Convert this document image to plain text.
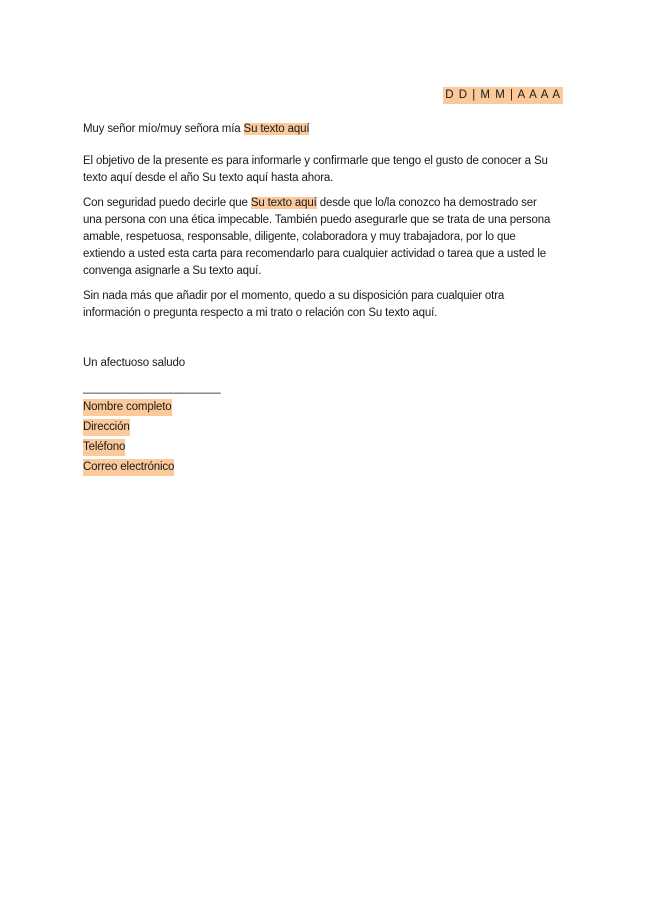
D D | M M | A A A A
Muy señor mío/muy señora mía Su texto aquí

El objetivo de la presente es para informarle y confirmarle que tengo el gusto de conocer a Su texto aquí desde el año Su texto aquí hasta ahora.

Con seguridad puedo decirle que Su texto aquí desde que lo/la conozco ha demostrado ser una persona con una ética impecable. También puedo asegurarle que se trata de una persona amable, respetuosa, responsable, diligente, colaboradora y muy trabajadora, por lo que extiendo a usted esta carta para recomendarlo para cualquier actividad o tarea que a usted le convenga asignarle a Su texto aquí.

Sin nada más que añadir por el momento, quedo a su disposición para cualquier otra información o pregunta respecto a mi trato o relación con Su texto aquí.

Un afectuoso saludo
______________________
Nombre completo
Dirección
Teléfono
Correo electrónico
